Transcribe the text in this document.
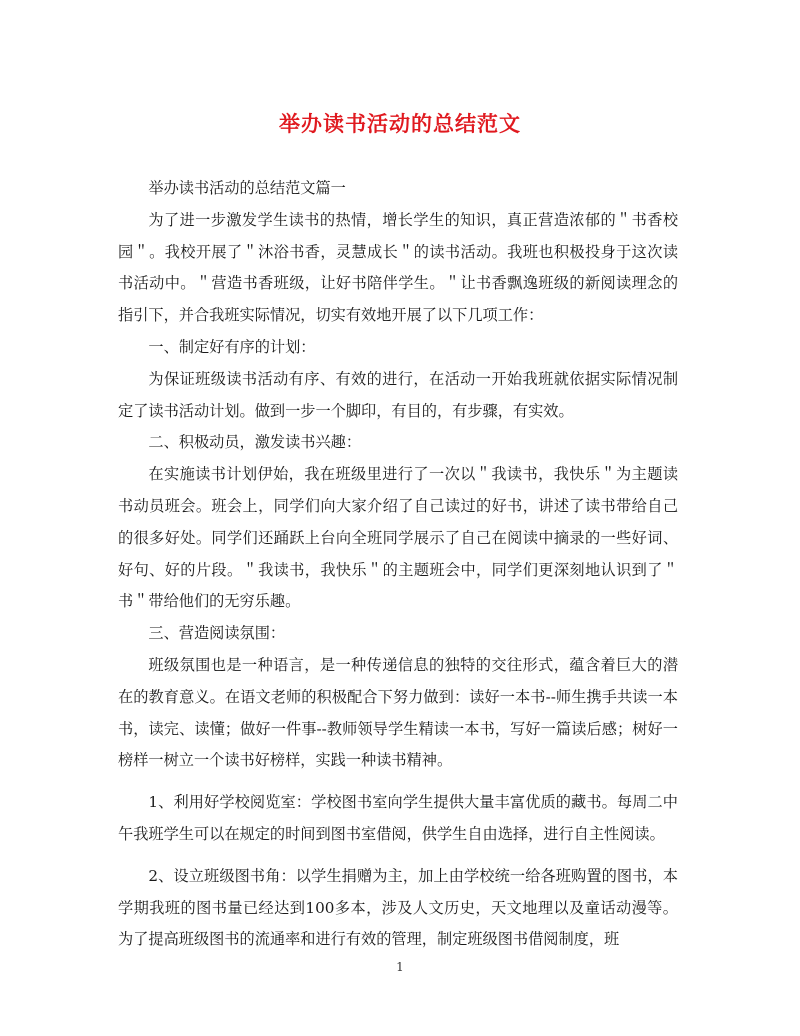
举办读书活动的总结范文

举办读书活动的总结范文篇一

为了进一步激发学生读书的热情，增长学生的知识，真正营造浓郁的＂书香校园＂。我校开展了＂沐浴书香，灵慧成长＂的读书活动。我班也积极投身于这次读书活动中。＂营造书香班级，让好书陪伴学生。＂让书香飘逸班级的新阅读理念的指引下，并合我班实际情况，切实有效地开展了以下几项工作：

一、制定好有序的计划：

为保证班级读书活动有序、有效的进行，在活动一开始我班就依据实际情况制定了读书活动计划。做到一步一个脚印，有目的，有步骤，有实效。

二、积极动员，激发读书兴趣：

在实施读书计划伊始，我在班级里进行了一次以＂我读书，我快乐＂为主题读书动员班会。班会上，同学们向大家介绍了自己读过的好书，讲述了读书带给自己的很多好处。同学们还踊跃上台向全班同学展示了自己在阅读中摘录的一些好词、好句、好的片段。＂我读书，我快乐＂的主题班会中，同学们更深刻地认识到了＂书＂带给他们的无穷乐趣。

三、营造阅读氛围：

班级氛围也是一种语言，是一种传递信息的独特的交往形式，蕴含着巨大的潜在的教育意义。在语文老师的积极配合下努力做到：读好一本书--师生携手共读一本书，读完、读懂；做好一件事--教师领导学生精读一本书，写好一篇读后感；树好一榜样一树立一个读书好榜样，实践一种读书精神。

1、利用好学校阅览室：学校图书室向学生提供大量丰富优质的藏书。每周二中午我班学生可以在规定的时间到图书室借阅，供学生自由选择，进行自主性阅读。

2、设立班级图书角：以学生捐赠为主，加上由学校统一给各班购置的图书，本学期我班的图书量已经达到100多本，涉及人文历史，天文地理以及童话动漫等。为了提高班级图书的流通率和进行有效的管理，制定班级图书借阅制度，班

1
